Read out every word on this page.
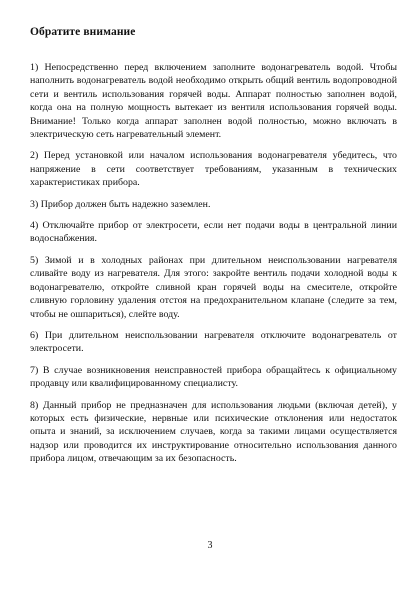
Обратите внимание

1) Непосредственно перед включением заполните водонагреватель водой. Чтобы наполнить водонагреватель водой необходимо открыть общий вентиль водопроводной сети и вентиль использования горячей воды. Аппарат полностью заполнен водой, когда она на полную мощность вытекает из вентиля использования горячей воды. Внимание! Только когда аппарат заполнен водой полностью, можно включать в электрическую сеть нагревательный элемент.

2) Перед установкой или началом использования водонагревателя убедитесь, что напряжение в сети соответствует требованиям, указанным в технических характеристиках прибора.

3) Прибор должен быть надежно заземлен.

4) Отключайте прибор от электросети, если нет подачи воды в центральной линии водоснабжения.

5) Зимой и в холодных районах при длительном неиспользовании нагревателя сливайте воду из нагревателя. Для этого: закройте вентиль подачи холодной воды к водонагревателю, откройте сливной кран горячей воды на смесителе, откройте сливную горловину удаления отстоя на предохранительном клапане (следите за тем, чтобы не ошпариться), слейте воду.

6) При длительном неиспользовании нагревателя отключите водонагреватель от электросети.

7) В случае возникновения неисправностей прибора обращайтесь к официальному продавцу или квалифицированному специалисту.

8) Данный прибор не предназначен для использования людьми (включая детей), у которых есть физические, нервные или психические отклонения или недостаток опыта и знаний, за исключением случаев, когда за такими лицами осуществляется надзор или проводится их инструктирование относительно использования данного прибора лицом, отвечающим за их безопасность.

3
